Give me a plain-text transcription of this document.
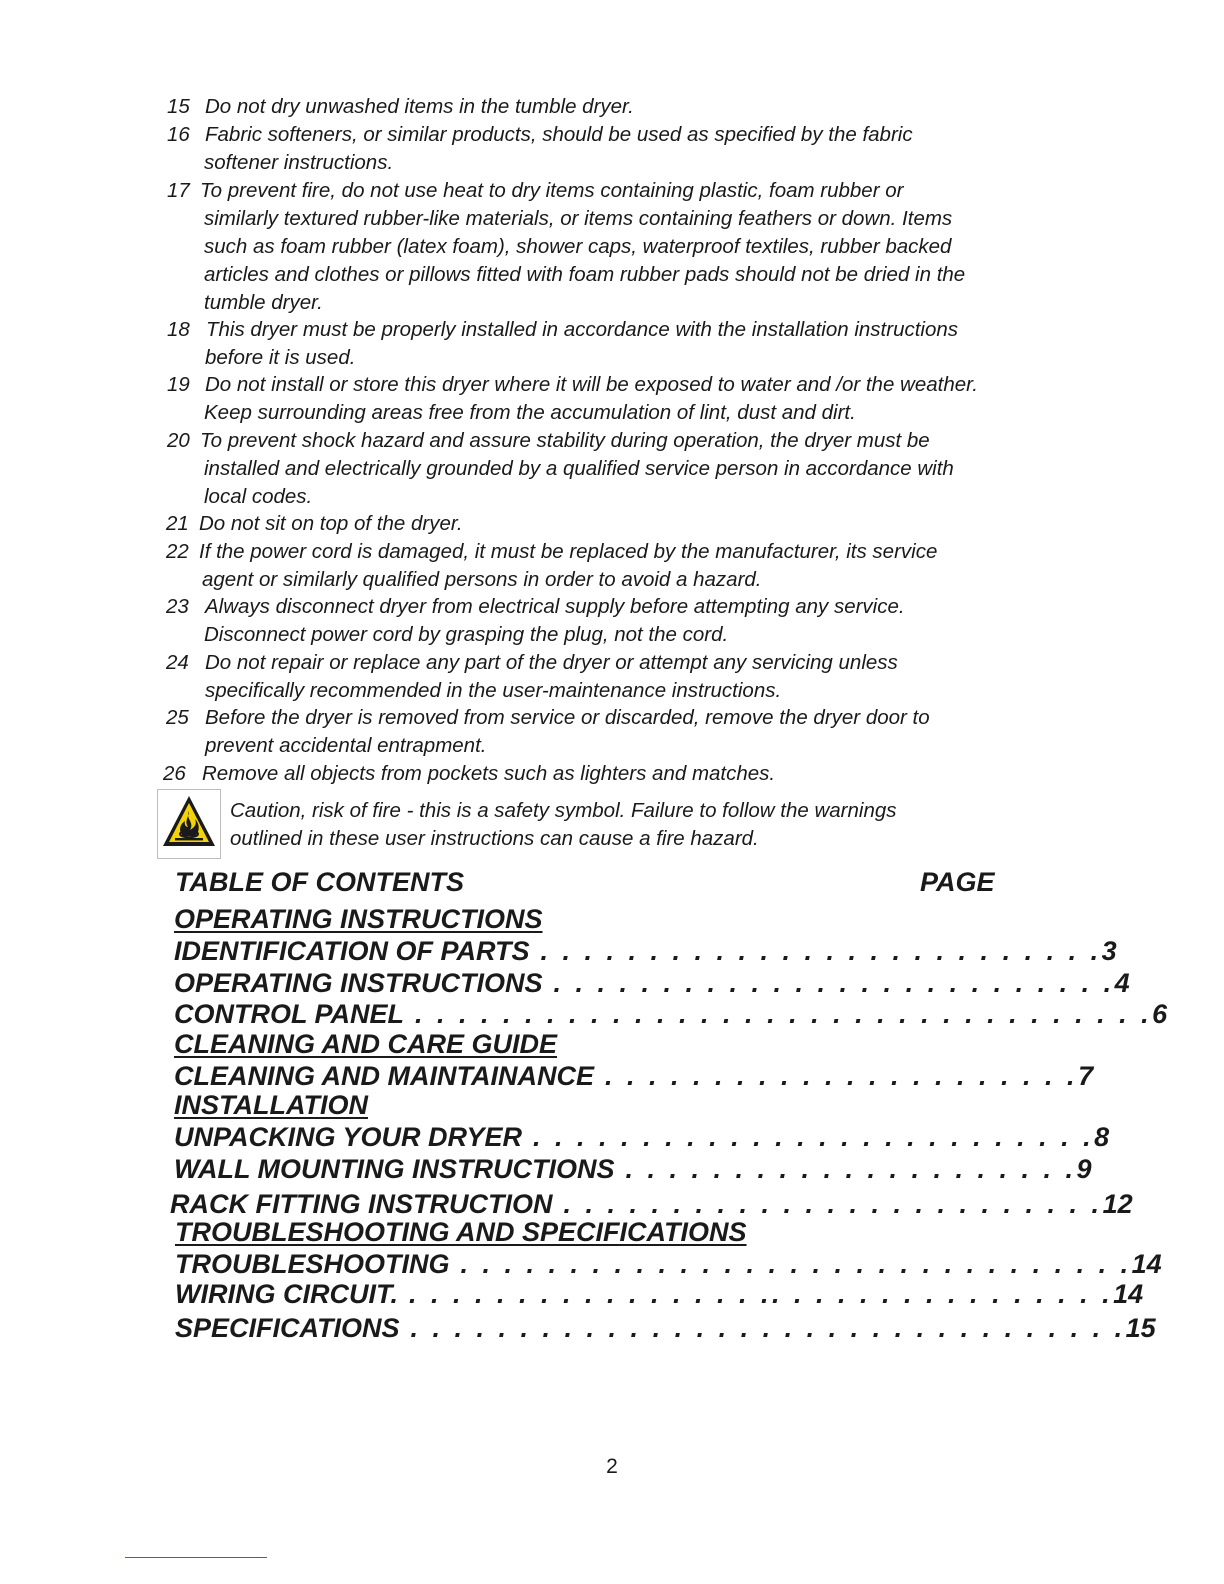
15 Do not dry unwashed items in the tumble dryer.
16 Fabric softeners, or similar products, should be used as specified by the fabric
softener instructions.
17 To prevent fire, do not use heat to dry items containing plastic, foam rubber or
similarly textured rubber-like materials, or items containing feathers or down. Items
such as foam rubber (latex foam), shower caps, waterproof textiles, rubber backed
articles and clothes or pillows fitted with foam rubber pads should not be dried in the
tumble dryer.
18 This dryer must be properly installed in accordance with the installation instructions
before it is used.
19 Do not install or store this dryer where it will be exposed to water and /or the weather.
Keep surrounding areas free from the accumulation of lint, dust and dirt.
20 To prevent shock hazard and assure stability during operation, the dryer must be
installed and electrically grounded by a qualified service person in accordance with
local codes.
21 Do not sit on top of the dryer.
22 If the power cord is damaged, it must be replaced by the manufacturer, its service
agent or similarly qualified persons in order to avoid a hazard.
23 Always disconnect dryer from electrical supply before attempting any service.
Disconnect power cord by grasping the plug, not the cord.
24 Do not repair or replace any part of the dryer or attempt any servicing unless
specifically recommended in the user-maintenance instructions.
25 Before the dryer is removed from service or discarded, remove the dryer door to
prevent accidental entrapment.
26 Remove all objects from pockets such as lighters and matches.
Caution, risk of fire - this is a safety symbol. Failure to follow the warnings
outlined in these user instructions can cause a fire hazard.
TABLE OF CONTENTS	PAGE
OPERATING INSTRUCTIONS
IDENTIFICATION OF PARTS . . . . . . . . . . . . . . . . . . . . . . . . . .3
OPERATING INSTRUCTIONS . . . . . . . . . . . . . . . . . . . . . . . . . .4
CONTROL PANEL . . . . . . . . . . . . . . . . . . . . . . . . . . . . . . . . . .6
CLEANING AND CARE GUIDE
CLEANING AND MAINTAINANCE . . . . . . . . . . . . . . . . . . . . . .7
INSTALLATION
UNPACKING YOUR DRYER . . . . . . . . . . . . . . . . . . . . . . . . . .8
WALL MOUNTING INSTRUCTIONS . . . . . . . . . . . . . . . . . . . . .9
RACK FITTING INSTRUCTION . . . . . . . . . . . . . . . . . . . . . . . . .12
TROUBLESHOOTING AND SPECIFICATIONS
TROUBLESHOOTING . . . . . . . . . . . . . . . . . . . . . . . . . . . . . . .14
WIRING CIRCUIT. . . . . . . . . . . . . . . . . .. . . . . . . . . . . . . . . .14
SPECIFICATIONS . . . . . . . . . . . . . . . . . . . . . . . . . . . . . . . . .15
2
